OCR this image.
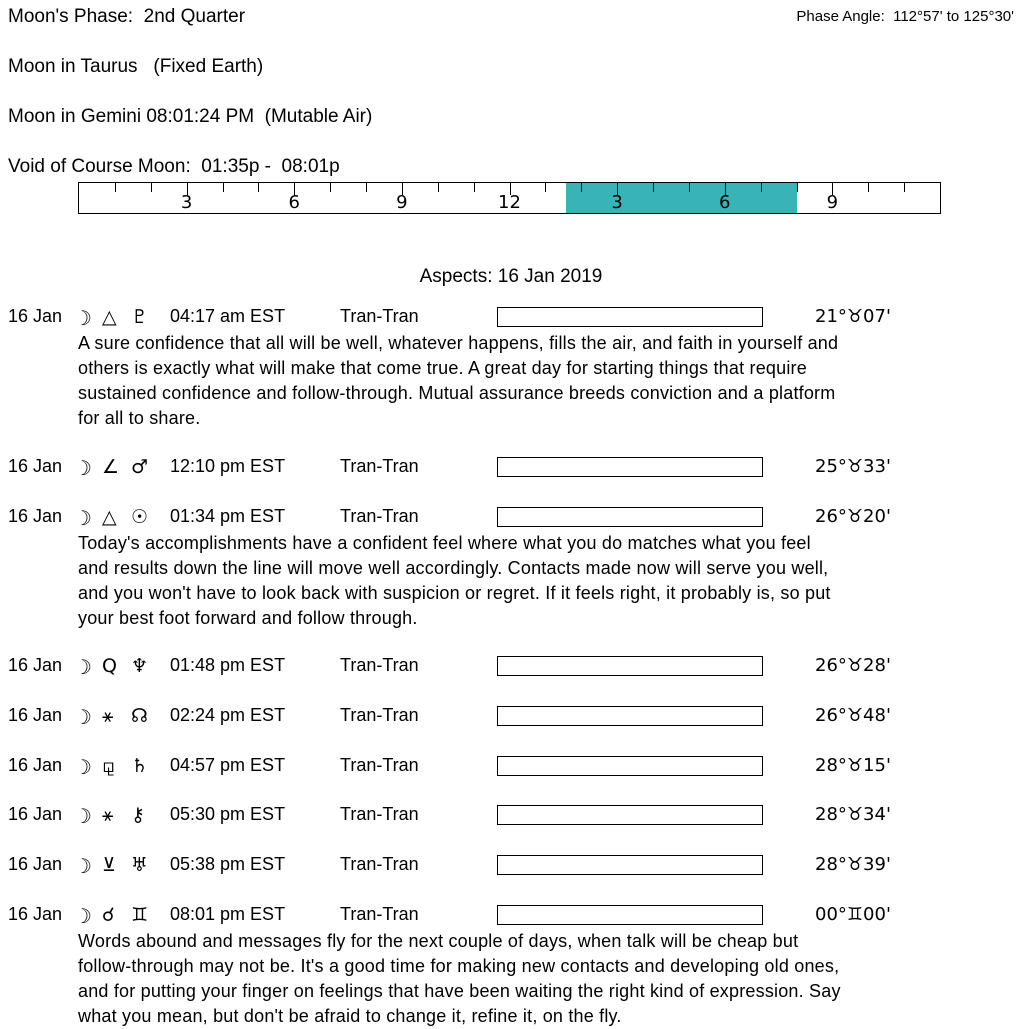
Moon's Phase:  2nd Quarter	Phase Angle:  112°57' to 125°30'
Moon in Taurus   (Fixed Earth)
Moon in Gemini 08:01:24 PM  (Mutable Air)
Void of Course Moon:  01:35p -  08:01p
3	6	9	12	3	6	9
Aspects: 16 Jan 2019
16 Jan ☽ △ ♇ 04:17 am EST	Tran-Tran	21°♉07'
A sure confidence that all will be well, whatever happens, fills the air, and faith in yourself and
others is exactly what will make that come true. A great day for starting things that require
sustained confidence and follow-through. Mutual assurance breeds conviction and a platform
for all to share.
16 Jan ☽ ∠ ♂ 12:10 pm EST	Tran-Tran	25°♉33'
16 Jan ☽ △ ☉ 01:34 pm EST	Tran-Tran	26°♉20'
Today's accomplishments have a confident feel where what you do matches what you feel
and results down the line will move well accordingly. Contacts made now will serve you well,
and you won't have to look back with suspicion or regret. If it feels right, it probably is, so put
your best foot forward and follow through.
16 Jan ☽ Q ♆ 01:48 pm EST	Tran-Tran	26°♉28'
16 Jan ☽ ⚹ ☊ 02:24 pm EST	Tran-Tran	26°♉48'
16 Jan ☽ ⚼ ♄ 04:57 pm EST	Tran-Tran	28°♉15'
16 Jan ☽ ⚹ ⚷ 05:30 pm EST	Tran-Tran	28°♉34'
16 Jan ☽ ⊻ ♅ 05:38 pm EST	Tran-Tran	28°♉39'
16 Jan ☽ ☌ ♊ 08:01 pm EST	Tran-Tran	00°♊00'
Words abound and messages fly for the next couple of days, when talk will be cheap but
follow-through may not be. It's a good time for making new contacts and developing old ones,
and for putting your finger on feelings that have been waiting the right kind of expression. Say
what you mean, but don't be afraid to change it, refine it, on the fly.
